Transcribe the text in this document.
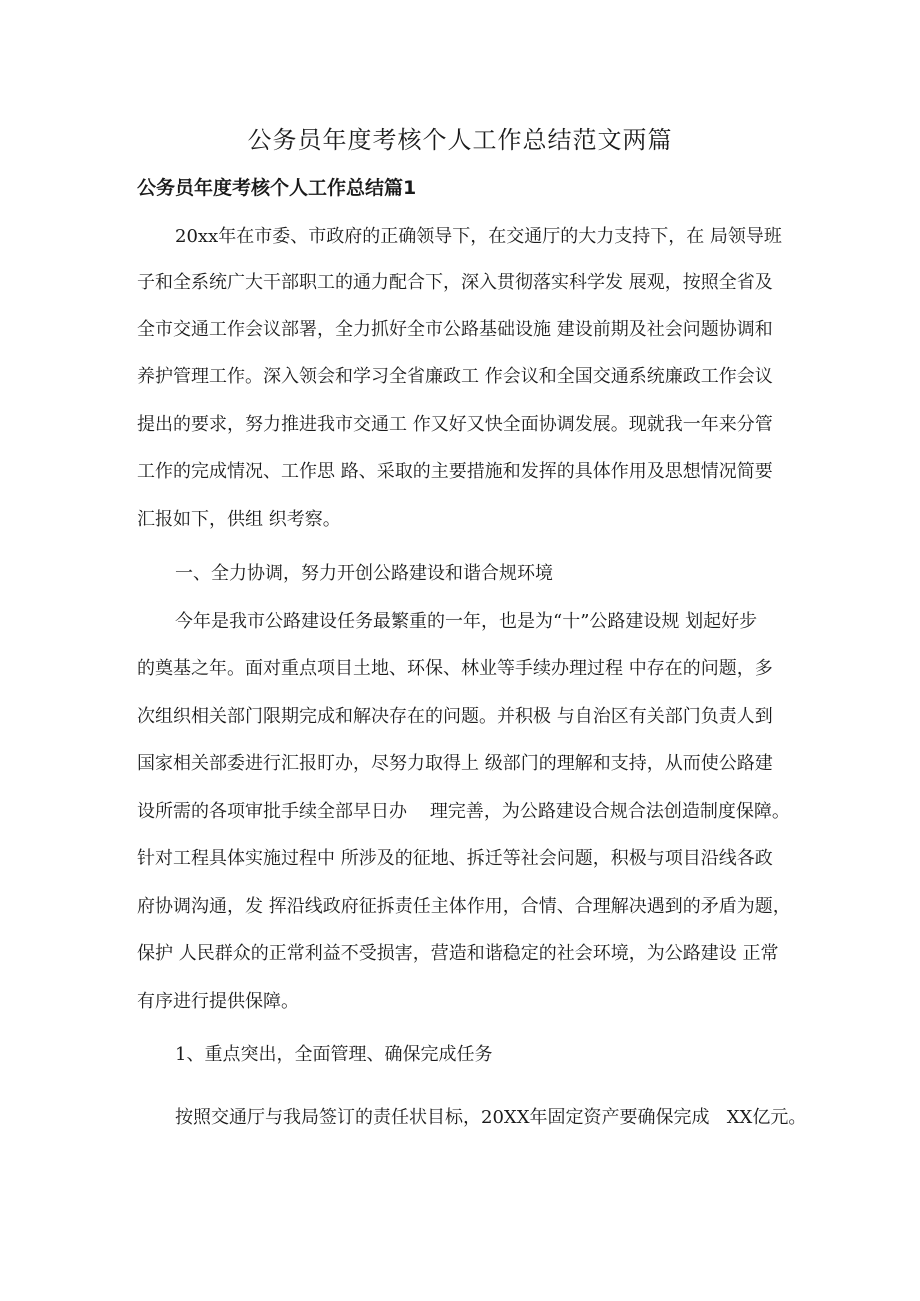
公务员年度考核个人工作总结范文两篇
公务员年度考核个人工作总结篇1
20xx年在市委、市政府的正确领导下，在交通厅的大力支持下，在 局领导班
子和全系统广大干部职工的通力配合下，深入贯彻落实科学发 展观，按照全省及
全市交通工作会议部署，全力抓好全市公路基础设施 建设前期及社会问题协调和
养护管理工作。深入领会和学习全省廉政工 作会议和全国交通系统廉政工作会议
提出的要求，努力推进我市交通工 作又好又快全面协调发展。现就我一年来分管
工作的完成情况、工作思 路、采取的主要措施和发挥的具体作用及思想情况简要
汇报如下，供组 织考察。
一、全力协调，努力开创公路建设和谐合规环境
今年是我市公路建设任务最繁重的一年，也是为“十”公路建设规 划起好步
的奠基之年。面对重点项目土地、环保、林业等手续办理过程 中存在的问题，多
次组织相关部门限期完成和解决存在的问题。并积极 与自治区有关部门负责人到
国家相关部委进行汇报盯办，尽努力取得上 级部门的理解和支持，从而使公路建
设所需的各项审批手续全部早日办    理完善，为公路建设合规合法创造制度保障。
针对工程具体实施过程中 所涉及的征地、拆迁等社会问题，积极与项目沿线各政
府协调沟通，发 挥沿线政府征拆责任主体作用，合情、合理解决遇到的矛盾为题，
保护 人民群众的正常利益不受损害，营造和谐稳定的社会环境，为公路建设 正常
有序进行提供保障。
1、重点突出，全面管理、确保完成任务
按照交通厅与我局签订的责任状目标，20XX年固定资产要确保完成   XX亿元。
